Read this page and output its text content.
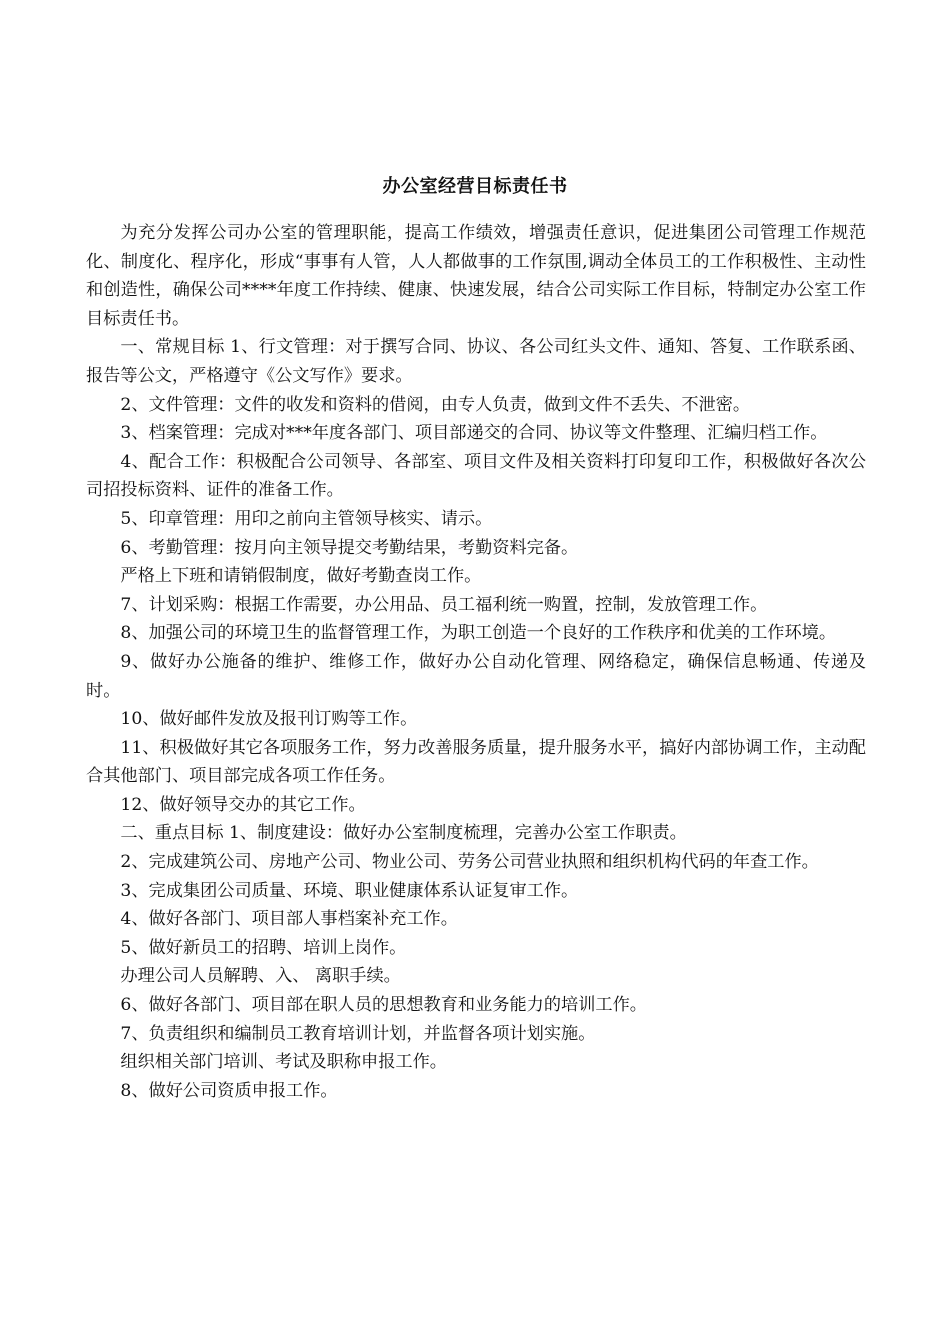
办公室经营目标责任书

为充分发挥公司办公室的管理职能，提高工作绩效，增强责任意识，促进集团公司管理工作规范化、制度化、程序化，形成“事事有人管，人人都做事的工作氛围,调动全体员工的工作积极性、主动性和创造性，确保公司****年度工作持续、健康、快速发展，结合公司实际工作目标，特制定办公室工作目标责任书。

一、常规目标 1、行文管理：对于撰写合同、协议、各公司红头文件、通知、答复、工作联系函、报告等公文，严格遵守《公文写作》要求。

2、文件管理：文件的收发和资料的借阅，由专人负责，做到文件不丢失、不泄密。

3、档案管理：完成对***年度各部门、项目部递交的合同、协议等文件整理、汇编归档工作。

4、配合工作：积极配合公司领导、各部室、项目文件及相关资料打印复印工作，积极做好各次公司招投标资料、证件的准备工作。

5、印章管理：用印之前向主管领导核实、请示。

6、考勤管理：按月向主领导提交考勤结果，考勤资料完备。

严格上下班和请销假制度，做好考勤查岗工作。

7、计划采购：根据工作需要，办公用品、员工福利统一购置，控制，发放管理工作。

8、加强公司的环境卫生的监督管理工作，为职工创造一个良好的工作秩序和优美的工作环境。

9、做好办公施备的维护、维修工作，做好办公自动化管理、网络稳定，确保信息畅通、传递及时。

10、做好邮件发放及报刊订购等工作。

11、积极做好其它各项服务工作，努力改善服务质量，提升服务水平，搞好内部协调工作，主动配合其他部门、项目部完成各项工作任务。

12、做好领导交办的其它工作。

二、重点目标 1、制度建设：做好办公室制度梳理，完善办公室工作职责。

2、完成建筑公司、房地产公司、物业公司、劳务公司营业执照和组织机构代码的年查工作。

3、完成集团公司质量、环境、职业健康体系认证复审工作。

4、做好各部门、项目部人事档案补充工作。

5、做好新员工的招聘、培训上岗作。

办理公司人员解聘、入、 离职手续。

6、做好各部门、项目部在职人员的思想教育和业务能力的培训工作。

7、负责组织和编制员工教育培训计划，并监督各项计划实施。

组织相关部门培训、考试及职称申报工作。

8、做好公司资质申报工作。
